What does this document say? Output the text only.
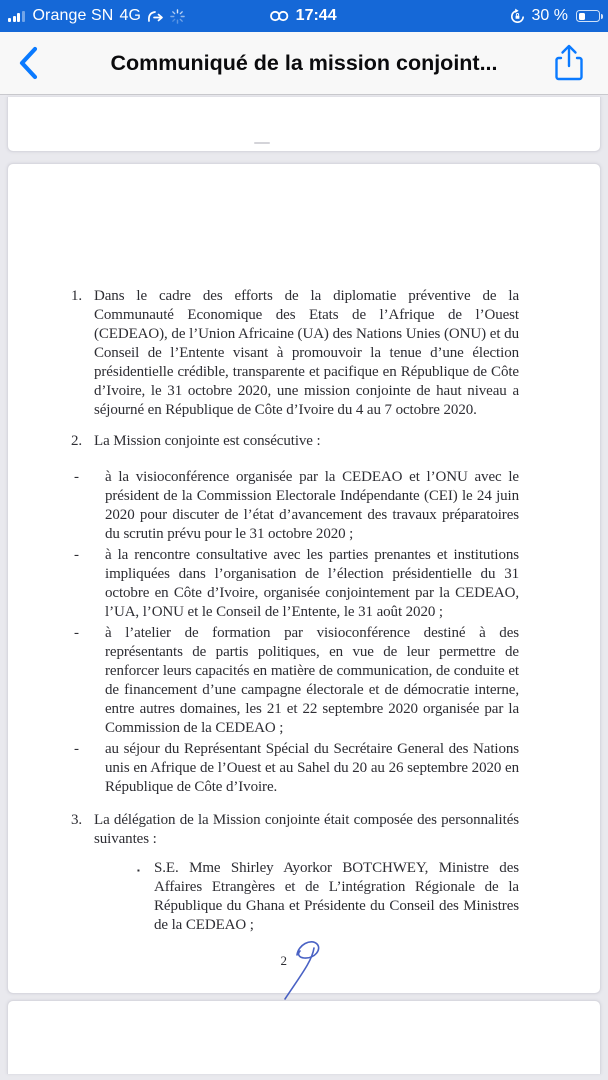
Orange SN 4G	17:44	30 %
Communiqué de la mission conjoint...
1. Dans le cadre des efforts de la diplomatie préventive de la Communauté Economique des Etats de l’Afrique de l’Ouest (CEDEAO), de l’Union Africaine (UA) des Nations Unies (ONU) et du Conseil de l’Entente visant à promouvoir la tenue d’une élection présidentielle crédible, transparente et pacifique en République de Côte d’Ivoire, le 31 octobre 2020, une mission conjointe de haut niveau a séjourné en République de Côte d’Ivoire du 4 au 7 octobre 2020.

2. La Mission conjointe est consécutive :

-	à la visioconférence organisée par la CEDEAO et l’ONU avec le président de la Commission Electorale Indépendante (CEI) le 24 juin 2020 pour discuter de l’état d’avancement des travaux préparatoires du scrutin prévu pour le 31 octobre 2020 ;

-	à la rencontre consultative avec les parties prenantes et institutions impliquées dans l’organisation de l’élection présidentielle du 31 octobre en Côte d’Ivoire, organisée conjointement par la CEDEAO, l’UA, l’ONU et le Conseil de l’Entente, le 31 août 2020 ;

-	à l’atelier de formation par visioconférence destiné à des représentants de partis politiques, en vue de leur permettre de renforcer leurs capacités en matière de communication, de conduite et de financement d’une campagne électorale et de démocratie interne, entre autres domaines, les 21 et 22 septembre 2020 organisée par la Commission de la CEDEAO ;

-	au séjour du Représentant Spécial du Secrétaire General des Nations unis en Afrique de l’Ouest et au Sahel du 20 au 26 septembre 2020 en République de Côte d’Ivoire.

3. La délégation de la Mission conjointe était composée des personnalités suivantes :

▪ S.E. Mme Shirley Ayorkor BOTCHWEY, Ministre des Affaires Etrangères et de L’intégration Régionale de la République du Ghana et Présidente du Conseil des Ministres de la CEDEAO ;

2
